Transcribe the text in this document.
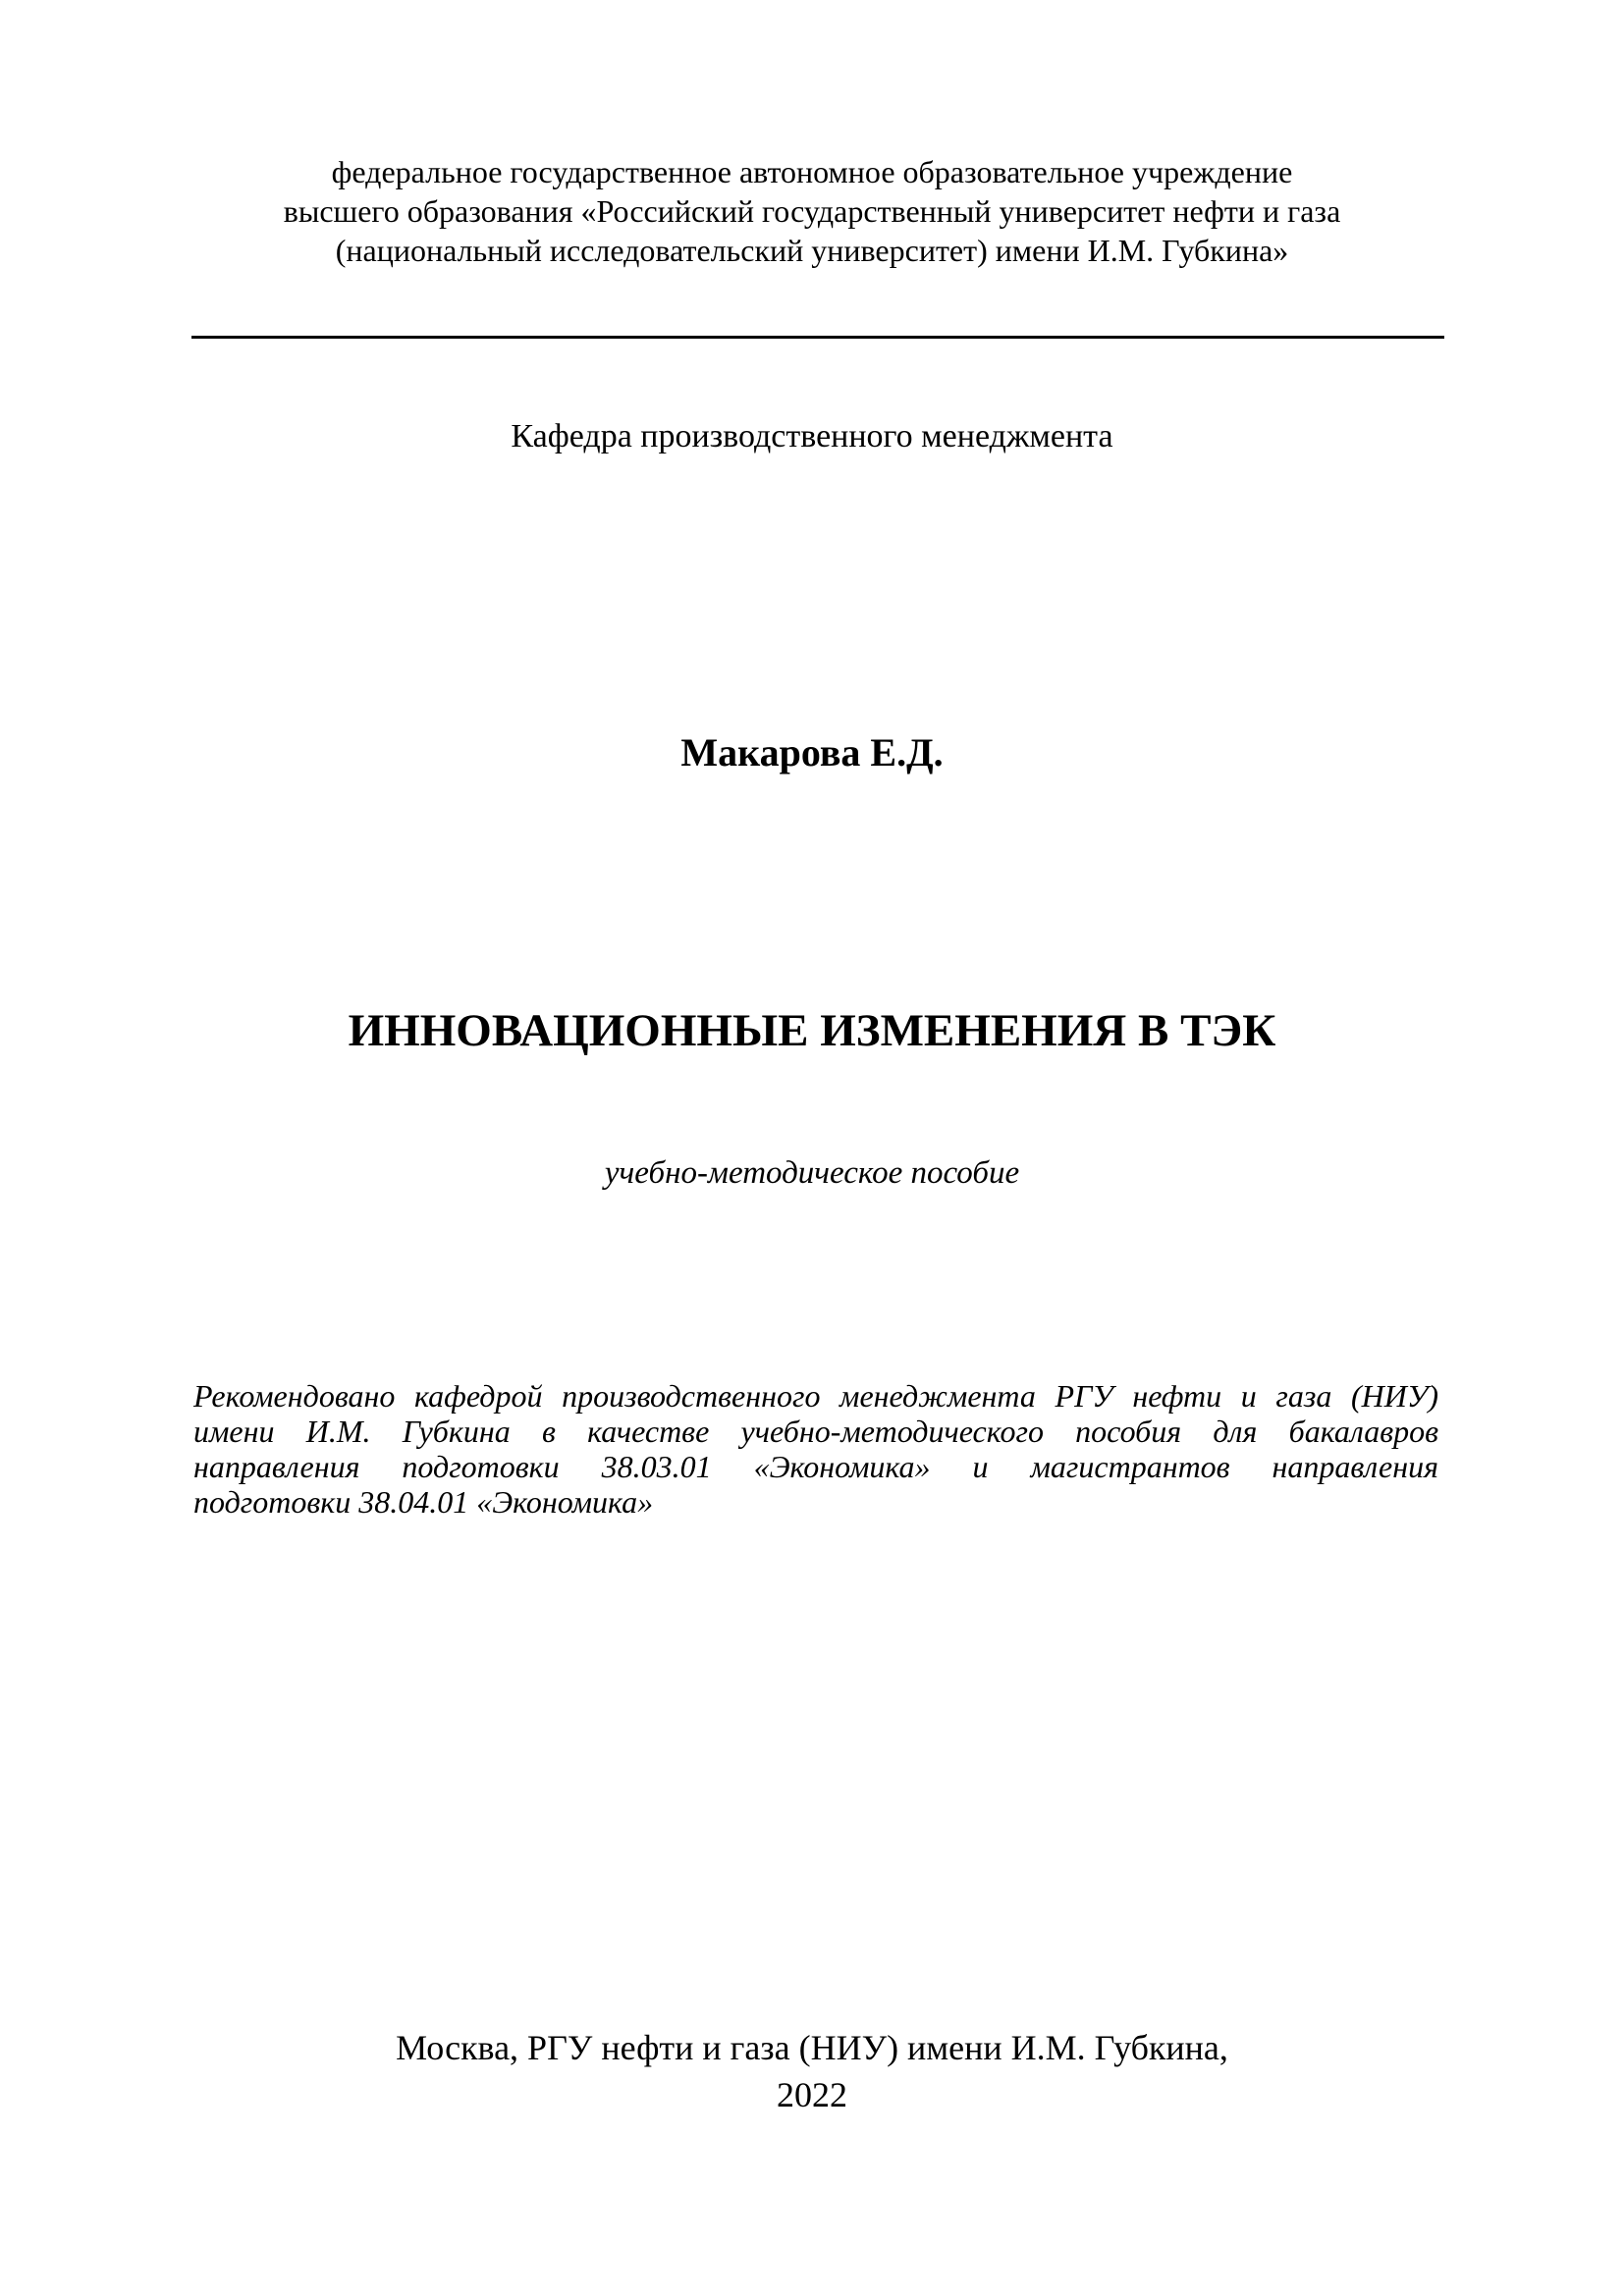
федеральное государственное автономное образовательное учреждение
высшего образования «Российский государственный университет нефти и газа
(национальный исследовательский университет) имени И.М. Губкина»
Кафедра производственного менеджмента
Макарова Е.Д.
ИННОВАЦИОННЫЕ ИЗМЕНЕНИЯ В ТЭК
учебно-методическое пособие
Рекомендовано кафедрой производственного менеджмента РГУ нефти и газа (НИУ)
имени И.М. Губкина в качестве учебно-методического пособия для бакалавров
направления подготовки 38.03.01 «Экономика» и магистрантов направления
подготовки 38.04.01 «Экономика»
Москва, РГУ нефти и газа (НИУ) имени И.М. Губкина,
2022
